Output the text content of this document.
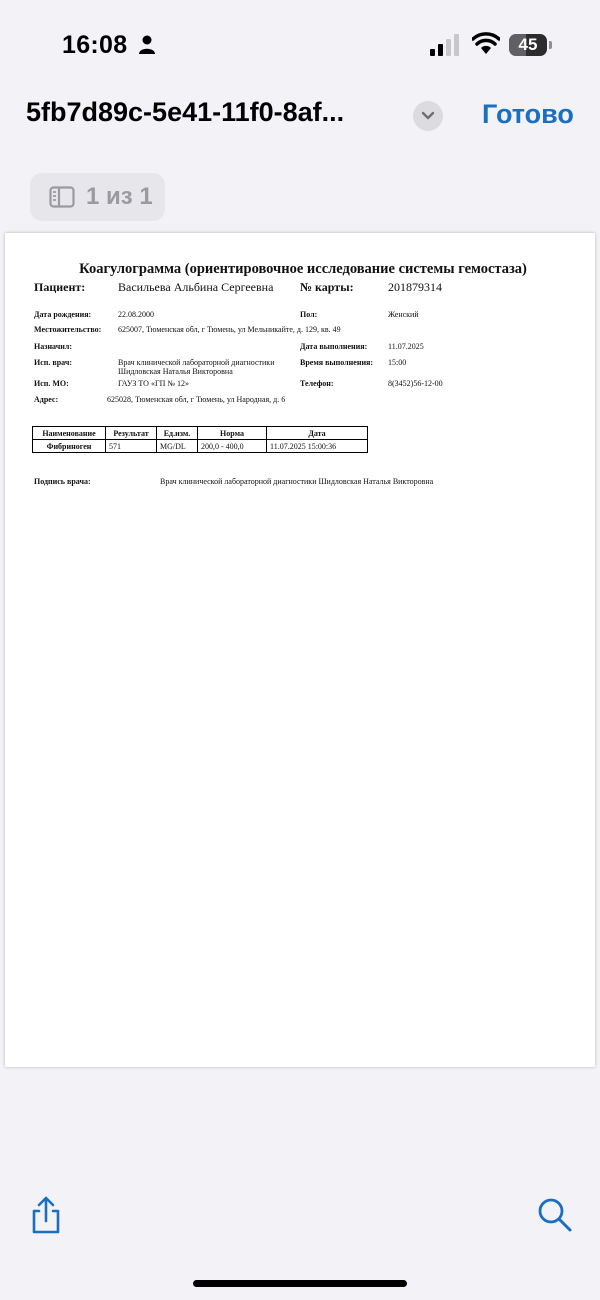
16:08	45
5fb7d89c-5e41-11f0-8af...	Готово
1 из 1
Коагулограмма (ориентировочное исследование системы гемостаза)
Пациент:	Васильева Альбина Сергеевна № карты:	201879314
Дата рождения:	22.08.2000	Пол:	Женский
Местожительство: 625007, Тюменская обл, г Тюмень, ул Мельникайте, д. 129, кв. 49
Назначил:	Дата выполнения:	11.07.2025
Исп. врач:	Врач клинической лабораторной диагностики
Шидловская Наталья Викторовна
Время выполнения: 15:00
Исп. МО:	ГАУЗ ТО «ГП № 12»	Телефон:	8(3452)56-12-00
Адрес:	625028, Тюменская обл, г Тюмень, ул Народная, д. 6
Наименование	Результат	Ед.изм.	Норма	Дата
Фибриноген	571	MG/DL	200,0 - 400,0	11.07.2025 15:00:36
Подпись врача:	Врач клинической лабораторной диагностики Шидловская Наталья Викторовна
